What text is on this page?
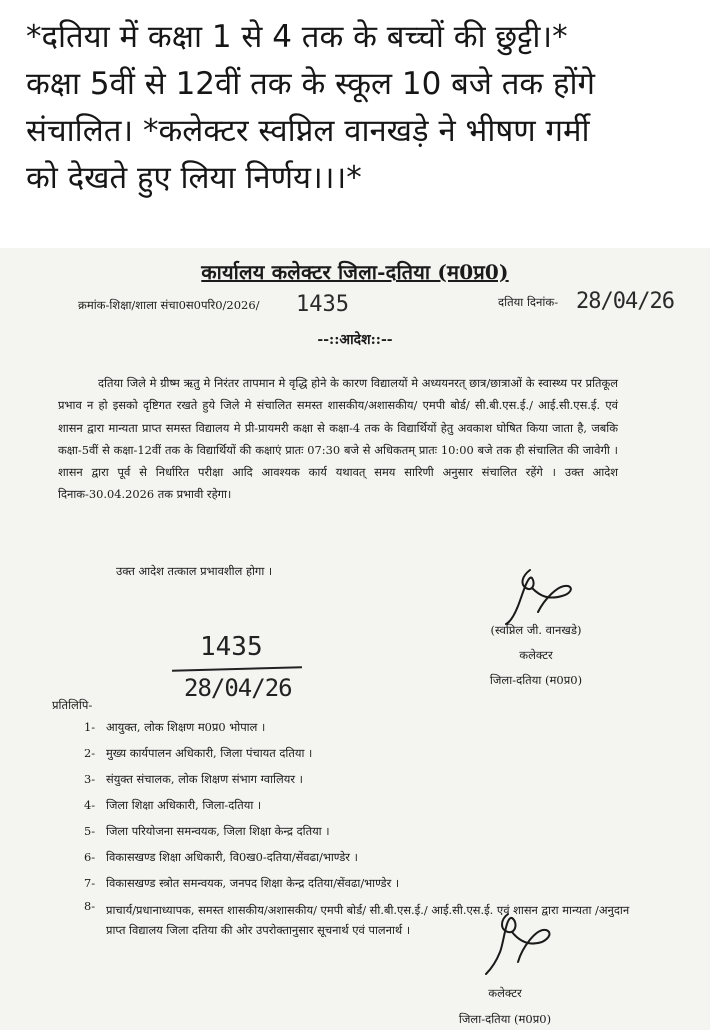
*दतिया में कक्षा 1 से 4 तक के बच्चों की छुट्टी।*

कक्षा 5वीं से 12वीं तक के स्कूल 10 बजे तक होंगे

संचालित। *कलेक्टर स्वप्निल वानखड़े ने भीषण गर्मी

को देखते हुए लिया निर्णय।।।*

कार्यालय कलेक्टर जिला-दतिया (म0प्र0)
क्रमांक-शिक्षा/शाला संचा0स0परि0/2026/ 1435	दतिया दिनांक- 28/04/26
--::आदेश::--

दतिया जिले मे ग्रीष्म ऋतु मे निरंतर तापमान मे वृद्धि होने के कारण विद्यालयों मे अध्ययनरत् छात्र/छात्राओं के स्वास्थ्य पर प्रतिकूल प्रभाव न हो इसको दृष्टिगत रखते हुये जिले मे संचालित समस्त शासकीय/अशासकीय/ एमपी बोर्ड/ सी.बी.एस.ई./ आई.सी.एस.ई. एवं शासन द्वारा मान्यता प्राप्त समस्त विद्यालय मे प्री-प्रायमरी कक्षा से कक्षा-4 तक के विद्यार्थियों हेतु अवकाश घोषित किया जाता है, जबकि कक्षा-5वीं से कक्षा-12वीं तक के विद्यार्थियों की कक्षाएं प्रातः 07:30 बजे से अधिकतम् प्रातः 10:00 बजे तक ही संचालित की जावेगी । शासन द्वारा पूर्व से निर्धारित परीक्षा आदि आवश्यक कार्य यथावत् समय सारिणी अनुसार संचालित रहेंगे । उक्त आदेश दिनाक-30.04.2026 तक प्रभावी रहेगा।

उक्त आदेश तत्काल प्रभावशील होगा ।
(स्वप्निल जी. वानखडे)
कलेक्टर
जिला-दतिया (म0प्र0)
1435
28/04/26
प्रतिलिपि-
1- आयुक्त, लोक शिक्षण म0प्र0 भोपाल ।
2- मुख्य कार्यपालन अधिकारी, जिला पंचायत दतिया ।
3- संयुक्त संचालक, लोक शिक्षण संभाग ग्वालियर ।
4- जिला शिक्षा अधिकारी, जिला-दतिया ।
5- जिला परियोजना समन्वयक, जिला शिक्षा केन्द्र दतिया ।
6- विकासखण्ड शिक्षा अधिकारी, वि0ख0-दतिया/सेंवढा/भाण्डेर ।
7- विकासखण्ड स्त्रोत समन्वयक, जनपद शिक्षा केन्द्र दतिया/सेंवढा/भाण्डेर ।
8- प्राचार्य/प्रधानाध्यापक, समस्त शासकीय/अशासकीय/ एमपी बोर्ड/ सी.बी.एस.ई./ आई.सी.एस.ई. एवं शासन द्वारा मान्यता /अनुदान प्राप्त विद्यालय जिला दतिया की ओर उपरोक्तानुसार सूचनार्थ एवं पालनार्थ ।
कलेक्टर
जिला-दतिया (म0प्र0)
